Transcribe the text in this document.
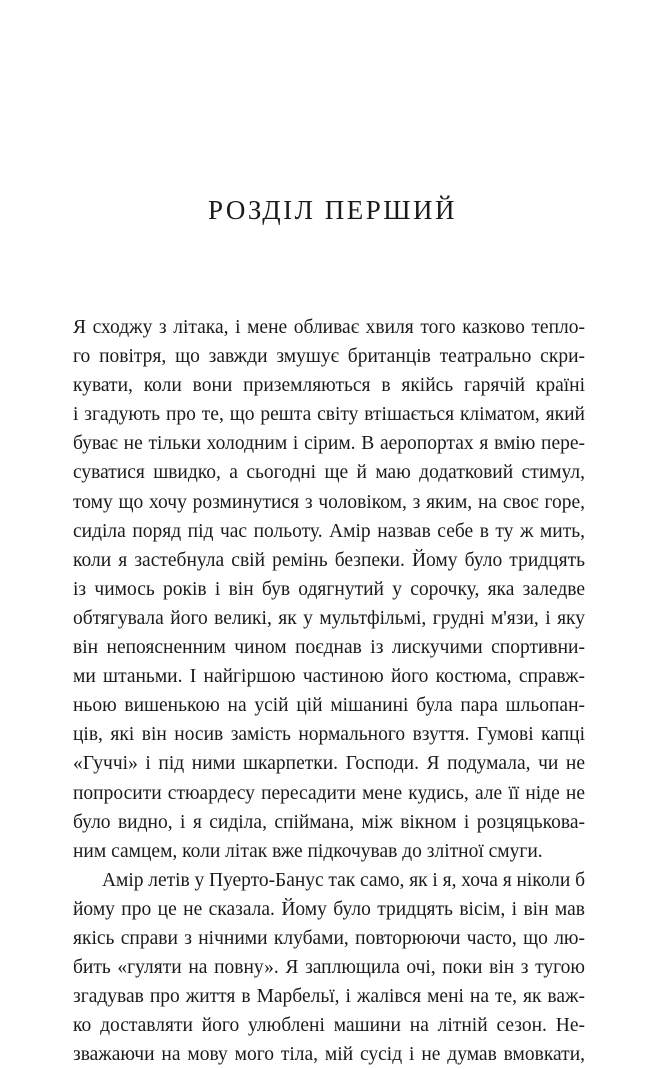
РОЗДІЛ ПЕРШИЙ
Я сходжу з літака, і мене обливає хвиля того казково тепло-
го повітря, що завжди змушує британців театрально скри-
кувати, коли вони приземляються в якійсь гарячій країні
і згадують про те, що решта світу втішається кліматом, який
буває не тільки холодним і сірим. В аеропортах я вмію пере-
суватися швидко, а сьогодні ще й маю додатковий стимул,
тому що хочу розминутися з чоловіком, з яким, на своє горе,
сиділа поряд під час польоту. Амір назвав себе в ту ж мить,
коли я застебнула свій ремінь безпеки. Йому було тридцять
із чимось років і він був одягнутий у сорочку, яка заледве
обтягувала його великі, як у мультфільмі, грудні м'язи, і яку
він непоясненним чином поєднав із лискучими спортивни-
ми штаньми. І найгіршою частиною його костюма, справж-
ньою вишенькою на усій цій мішанині була пара шльопан-
ців, які він носив замість нормального взуття. Гумові капці
«Гуччі» і під ними шкарпетки. Господи. Я подумала, чи не
попросити стюардесу пересадити мене кудись, але її ніде не
було видно, і я сиділа, спіймана, між вікном і розцяцькова-
ним самцем, коли літак вже підкочував до злітної смуги.
Амір летів у Пуерто-Банус так само, як і я, хоча я ніколи б
йому про це не сказала. Йому було тридцять вісім, і він мав
якісь справи з нічними клубами, повторюючи часто, що лю-
бить «гуляти на повну». Я заплющила очі, поки він з тугою
згадував про життя в Марбельї, і жалівся мені на те, як важ-
ко доставляти його улюблені машини на літній сезон. Не-
зважаючи на мову мого тіла, мій сусід і не думав вмовкати,
